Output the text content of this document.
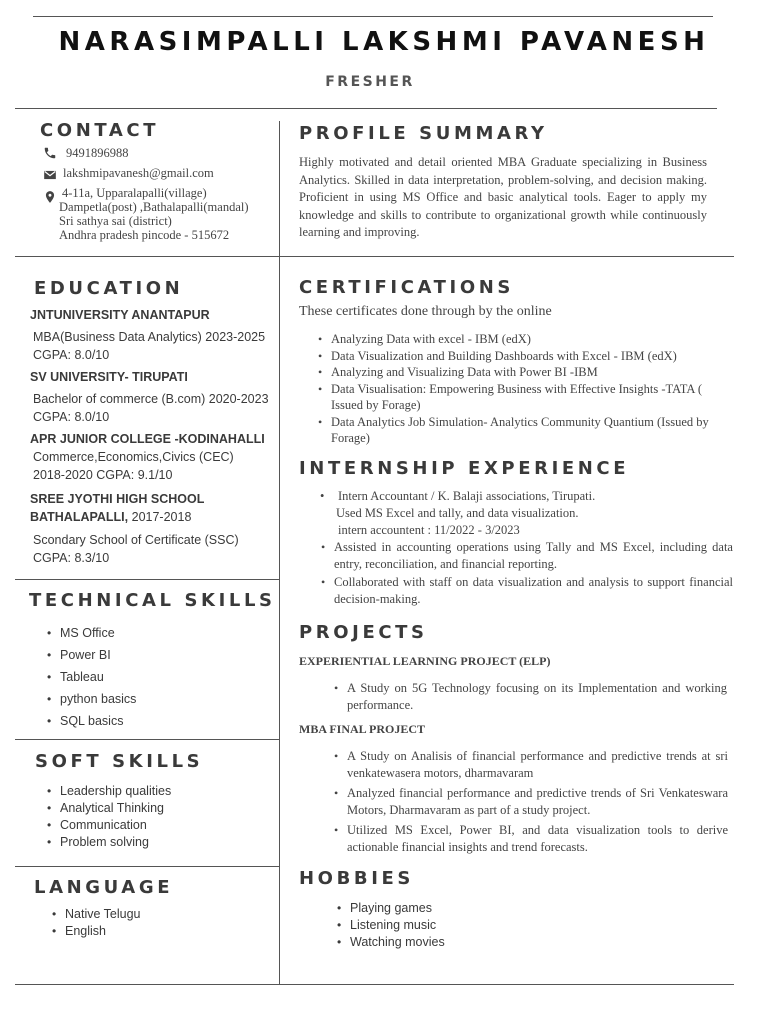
NARASIMPALLI LAKSHMI PAVANESH
FRESHER
CONTACT
9491896988
lakshmipavanesh@gmail.com
4-11a, Upparalapalli(village)
Dampetla(post) ,Bathalapalli(mandal)
Sri sathya sai (district)
Andhra pradesh pincode - 515672
EDUCATION
JNTUNIVERSITY ANANTAPUR
MBA(Business Data Analytics) 2023-2025
CGPA: 8.0/10
SV UNIVERSITY- TIRUPATI
Bachelor of commerce (B.com) 2020-2023
CGPA: 8.0/10
APR JUNIOR COLLEGE -KODINAHALLI
Commerce,Economics,Civics (CEC)
2018-2020 CGPA: 9.1/10
SREE JYOTHI HIGH SCHOOL
BATHALAPALLI, 2017-2018
Scondary School of Certificate (SSC)
CGPA: 8.3/10
TECHNICAL SKILLS
• MS Office
• Power BI
• Tableau
• python basics
• SQL basics
SOFT SKILLS
• Leadership qualities
• Analytical Thinking
• Communication
• Problem solving
LANGUAGE
• Native Telugu
• English
PROFILE SUMMARY
Highly motivated and detail oriented MBA Graduate specializing in Business Analytics. Skilled in data interpretation, problem-solving, and decision making. Proficient in using MS Office and basic analytical tools. Eager to apply my knowledge and skills to contribute to organizational growth while continuously learning and improving.
CERTIFICATIONS
These certificates done through by the online
• Analyzing Data with excel - IBM (edX)
• Data Visualization and Building Dashboards with Excel - IBM (edX)
• Analyzing and Visualizing Data with Power BI -IBM
• Data Visualisation: Empowering Business with Effective Insights -TATA ( Issued by Forage)
• Data Analytics Job Simulation- Analytics Community Quantium (Issued by Forage)
INTERNSHIP EXPERIENCE
•	Intern Accountant / K. Balaji associations, Tirupati.
Used MS Excel and tally, and data visualization.
intern accountent : 11/2022 - 3/2023
• Assisted in accounting operations using Tally and MS Excel, including data entry, reconciliation, and financial reporting.
• Collaborated with staff on data visualization and analysis to support financial decision-making.
PROJECTS
EXPERIENTIAL LEARNING PROJECT (ELP)
• A Study on 5G Technology focusing on its Implementation and working performance.
MBA FINAL PROJECT
• A Study on Analisis of financial performance and predictive trends at sri venkatewasera motors, dharmavaram
• Analyzed financial performance and predictive trends of Sri Venkateswara Motors, Dharmavaram as part of a study project.
• Utilized MS Excel, Power BI, and data visualization tools to derive actionable financial insights and trend forecasts.
HOBBIES
• Playing games
• Listening music
• Watching movies
